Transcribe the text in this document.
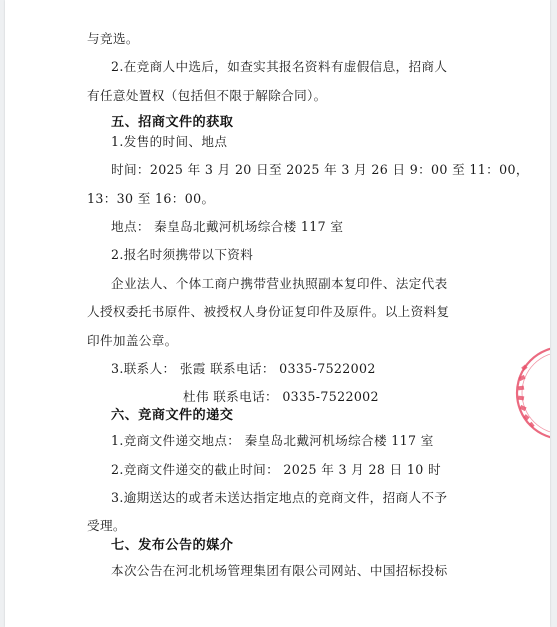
与竞选。
2.在竞商人中选后，如查实其报名资料有虚假信息，招商人
有任意处置权（包括但不限于解除合同）。
五、招商文件的获取
1.发售的时间、地点
时间：2025 年 3 月 20 日至 2025 年 3 月 26 日 9：00 至 11：00，
13：30 至 16：00。
地点： 秦皇岛北戴河机场综合楼 117 室
2.报名时须携带以下资料
企业法人、个体工商户携带营业执照副本复印件、法定代表
人授权委托书原件、被授权人身份证复印件及原件。以上资料复
印件加盖公章。
3.联系人： 张霞 联系电话： 0335-7522002
杜伟 联系电话： 0335-7522002
六、竞商文件的递交
1.竞商文件递交地点： 秦皇岛北戴河机场综合楼 117 室
2.竞商文件递交的截止时间： 2025 年 3 月 28 日 10 时
3.逾期送达的或者未送达指定地点的竞商文件，招商人不予
受理。
七、发布公告的媒介
本次公告在河北机场管理集团有限公司网站、中国招标投标
